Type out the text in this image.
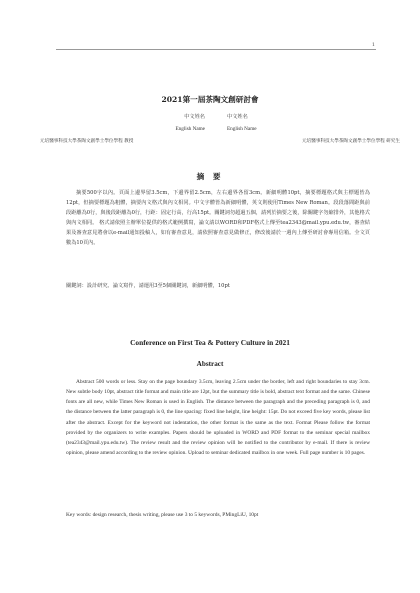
1
2021第一屆茶陶文創研討會
中文姓名	中文姓名
English Name	English Name
元培醫事科技大學茶陶文創學士學位學程 教授	元培醫事科技大學茶陶文創學士學位學程 研究生
摘 要

摘要500字以內。頁面上邊界留3.5cm，下邊界留2.5cm，左右邊界各留3cm。新細明體10pt，摘要標題格式與主標題皆為12pt，但摘要標題為粗體，摘要內文格式與內文相同。中文字體皆為新細明體，英文則使用Times New Roman。段段落間距與前段距離為0行，與後段距離為0行，行距：固定行高，行高15pt。關鍵詞勿超過五個，請列於摘要之後，除關鍵字勿縮排外，其他格式與內文相同。 格式請依照主辦單位提供的格式範例撰寫，論文請以WORD和PDF格式上傳至tea2343@mail.ypu.edu.tw，審查結果及審查意見將會以e-mail通知投稿人，如有審查意見，請依照審查意見做修正，修改後請於一週內上傳至研討會專用信箱。全文頁數為10頁內。

關鍵詞：設計研究、論文寫作，請運用3至5個關鍵詞，新細明體，10pt

Conference on First Tea & Pottery Culture in 2021
Abstract

Abstract 500 words or less. Stay on the page boundary 3.5cm, leaving 2.5cm under the border, left and right boundaries to stay 3cm. New subtle body 10pt, abstract title format and main title are 12pt, but the summary title is bold, abstract text format and the same. Chinese fonts are all new, while Times New Roman is used in English. The distance between the paragraph and the preceding paragraph is 0, and the distance between the latter paragraph is 0, the line spacing: fixed line height, line height: 15pt. Do not exceed five key words, please list after the abstract. Except for the keyword not indentation, the other format is the same as the text. Format Please follow the format provided by the organizers to write examples. Papers should be uploaded in WORD and PDF format to the seminar special mailbox (tea2343@mail.ypu.edu.tw). The review result and the review opinion will be notified to the contributor by e-mail. If there is review opinion, please amend according to the review opinion. Upload to seminar dedicated mailbox in one week. Full page number is 10 pages.

Key words: design research, thesis writing, please use 3 to 5 keywords, PMingLiU, 10pt
